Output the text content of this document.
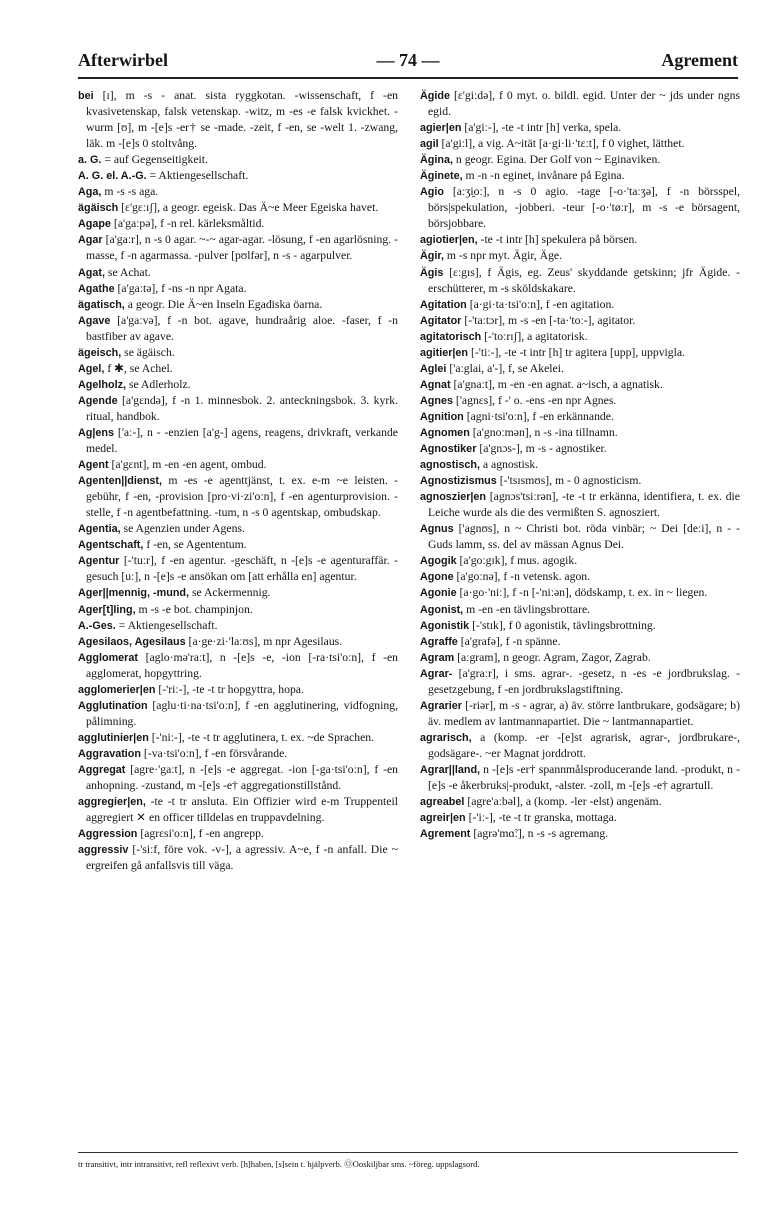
Afterwirbel	— 74 —	Agrement

bei [ɪ], m -s - anat. sista ryggkotan. -wissenschaft, f -en kvasivetenskap, falsk vetenskap. -witz, m -es -e falsk kvickhet. -wurm [ʊ], m -[e]s -er† se -made. -zeit, f -en, se -welt 1. -zwang, läk. m -[e]s 0 stoltvång.

a. G. = auf Gegenseitigkeit.

A. G. el. A.-G. = Aktiengesellschaft.

Aga, m -s -s aga.

ägäisch [ɛ'gɛːɪʃ], a geogr. egeisk. Das Ä~e Meer Egeiska havet.

Agape [a'gaːpə], f -n rel. kärleksmåltid.

Agar [a'gaːr], n -s 0 agar. ~-~ agar-agar. -lösung, f -en agarlösning. -masse, f -n agarmassa. -pulver [pʊlfər], n -s - agarpulver.

Agat, se Achat.

Agathe [a'gaːtə], f -ns -n npr Agata.

ägatisch, a geogr. Die Ä~en Inseln Egadiska öarna.

Agave [a'gaːvə], f -n bot. agave, hundraårig aloe. -faser, f -n bastfiber av agave.

ägeisch, se ägäisch.

Agel, f ✱, se Achel.

Agelholz, se Adlerholz.

Agende [a'gɛndə], f -n 1. minnesbok. 2. anteckningsbok. 3. kyrk. ritual, handbok.

Ag|ens ['aː-], n - -enzien [a'g-] agens, reagens, drivkraft, verkande medel.

Agent [a'gɛnt], m -en -en agent, ombud.

Agenten||dienst, m -es -e agenttjänst, t. ex. e-m ~e leisten. -gebühr, f -en, -provision [pro·vi·zi'oːn], f -en agenturprovision. -stelle, f -n agentbefattning. -tum, n -s 0 agentskap, ombudskap.

Agentia, se Agenzien under Agens.

Agentschaft, f -en, se Agententum.

Agentur [-'tuːr], f -en agentur. -geschäft, n -[e]s -e agenturaffär. -gesuch [uː], n -[e]s -e ansökan om [att erhålla en] agentur.

Ager||mennig, -mund, se Ackermennig.

Ager[t]ling, m -s -e bot. champinjon.

A.-Ges. = Aktiengesellschaft.

Agesilaos, Agesilaus [a·ge·zi·'laːʊs], m npr Agesilaus.

Agglomerat [aglo·mə'raːt], n -[e]s -e, -ion [-ra·tsi'oːn], f -en agglomerat, hopgyttring.

agglomerier|en [-'riː-], -te -t tr hopgyttra, hopa.

Agglutination [aglu·ti·na·tsi'oːn], f -en agglutinering, vidfogning, pålimning.

agglutinier|en [-'niː-], -te -t tr agglutinera, t. ex. ~de Sprachen.

Aggravation [-va·tsi'oːn], f -en försvårande.

Aggregat [agre·'gaːt], n -[e]s -e aggregat. -ion [-ga·tsi'oːn], f -en anhopning. -zustand, m -[e]s -e† aggregationstillstånd.

aggregier|en, -te -t tr ansluta. Ein Offizier wird e-m Truppenteil aggregiert ✕ en officer tilldelas en truppavdelning.

Aggression [agrɛsi'oːn], f -en angrepp.

aggressiv [-'siːf, före vok. -v-], a agressiv. A~e, f -n anfall. Die ~ ergreifen gå anfallsvis till väga.

Ägide [ɛ'giːdə], f 0 myt. o. bildl. egid. Unter der ~ jds under ngns egid.

agier|en [a'giː-], -te -t intr [h] verka, spela.

agil [a'giːl], a vig. A~ität [a·gi·li·'tɛːt], f 0 vighet, lätthet.

Ägina, n geogr. Egina. Der Golf von ~ Eginaviken.

Äginete, m -n -n eginet, invånare på Egina.

Agio [aːʒi̯oː], n -s 0 agio. -tage [-o·'taːʒə], f -n börsspel, börs|spekulation, -jobberi. -teur [-o·'tøːr], m -s -e börsagent, börsjobbare.

agiotier|en, -te -t intr [h] spekulera på börsen.

Ägir, m -s npr myt. Ägir, Äge.

Ägis [ɛːgɪs], f Ägis, eg. Zeus' skyddande getskinn; jfr Ägide. -erschütterer, m -s sköldskakare.

Agitation [a·gi·ta·tsi'oːn], f -en agitation.

Agitator [-'taːtɔr], m -s -en [-ta·'toː-], agitator.

agitatorisch [-'toːrɪʃ], a agitatorisk.

agitier|en [-'tiː-], -te -t intr [h] tr agitera [upp], uppvigla.

Aglei ['aːglai, a'-], f, se Akelei.

Agnat [a'gnaːt], m -en -en agnat. a~isch, a agnatisk.

Agnes ['agnɛs], f -' o. -ens -en npr Agnes.

Agnition [agni·tsi'oːn], f -en erkännande.

Agnomen [a'gnoːmən], n -s -ina tillnamn.

Agnostiker [a'gnɔs-], m -s - agnostiker.

agnostisch, a agnostisk.

Agnostizismus [-'tsɪsmʊs], m - 0 agnosticism.

agnoszier|en [agnɔs'tsiːrən], -te -t tr erkänna, identifiera, t. ex. die Leiche wurde als die des vermißten S. agnosziert.

Agnus ['agnʊs], n ~ Christi bot. röda vinbär; ~ Dei [deːi], n - - Guds lamm, ss. del av mässan Agnus Dei.

Agogik [a'goːgɪk], f mus. agogik.

Agone [a'goːnə], f -n vetensk. agon.

Agonie [a·go·'niː], f -n [-'niːən], dödskamp, t. ex. in ~ liegen.

Agonist, m -en -en tävlingsbrottare.

Agonistik [-'stɪk], f 0 agonistik, tävlingsbrottning.

Agraffe [a'grafə], f -n spänne.

Agram [aːgram], n geogr. Agram, Zagor, Zagrab.

Agrar- [a'graːr], i sms. agrar-. -gesetz, n -es -e jordbrukslag. -gesetzgebung, f -en jordbrukslagstiftning.

Agrarier [-riər], m -s - agrar, a) äv. större lantbrukare, godsägare; b) äv. medlem av lantmannapartiet. Die ~ lantmannapartiet.

agrarisch, a (komp. -er -[e]st agrarisk, agrar-, jordbrukare-, godsägare-. ~er Magnat jorddrott.

Agrar||land, n -[e]s -er† spannmålsproducerande land. -produkt, n -[e]s -e åkerbruks|-produkt, -alster. -zoll, m -[e]s -e† agrartull.

agreabel [agre'aːbəl], a (komp. -ler -elst) angenäm.

agreir|en [-'iː-], -te -t tr granska, mottaga.

Agrement [agrə'mɑ̃ː], n -s -s agremang.

tr transitivt, intr intransitivt, refl reflexivt verb. [h]haben, [s]sein t. hjälpverb. ⓄOoskiljbar sms. ~föreg. uppslagsord.
